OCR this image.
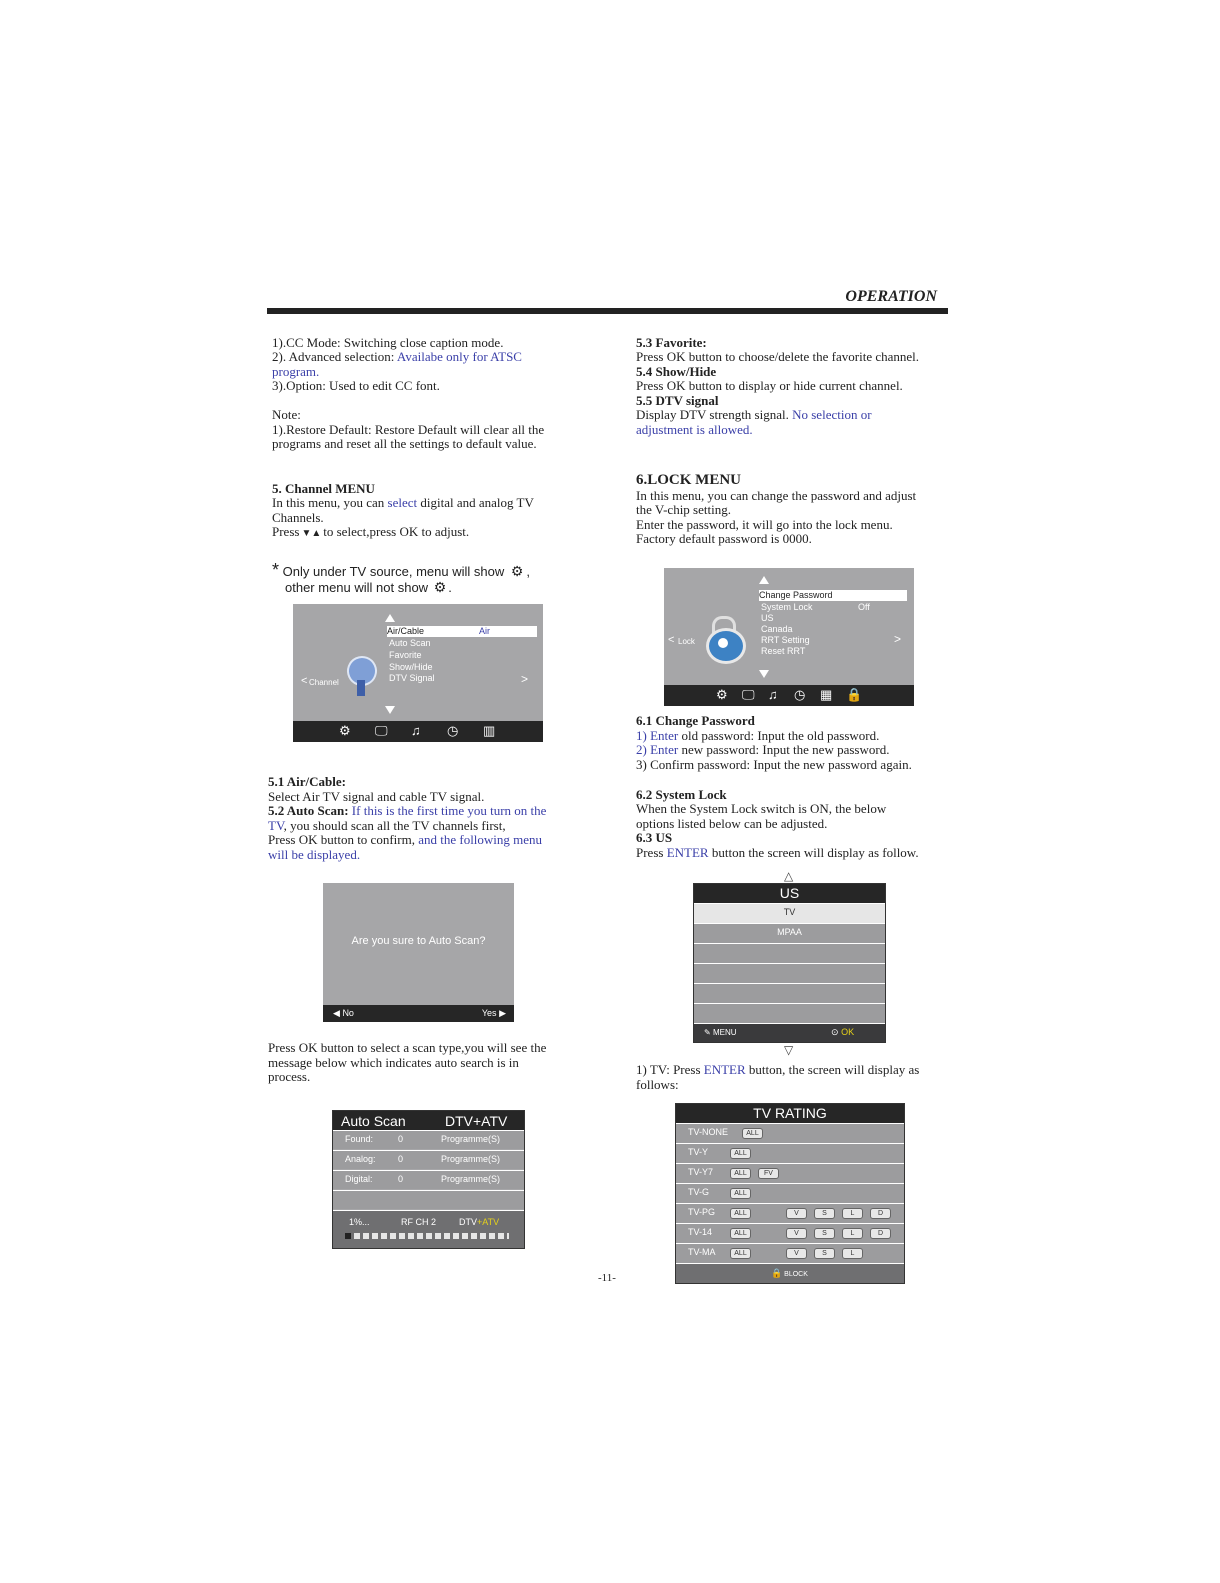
OPERATION
1).CC Mode: Switching close caption mode.
2). Advanced selection: Availabe only for ATSC
program.
3).Option: Used to edit CC font.
Note:
1).Restore Default: Restore Default will clear all the
programs and reset all the settings to default value.
5. Channel MENU
In this menu, you can select digital and analog TV
Channels.
Press ▼▲ to select,press OK to adjust.
* Only under TV source, menu will show ⚙ ,
other menu will not show ⚙ .
< Channel
Air/Cable	Air
Auto Scan
Favorite
Show/Hide
DTV Signal	>
⚙ 🖵 ♫ ◷ ▥
5.1 Air/Cable:
Select Air TV signal and cable TV signal.
5.2 Auto Scan: If this is the first time you turn on the
TV, you should scan all the TV channels first,
Press OK button to confirm, and the following menu
will be displayed.
Are you sure to Auto Scan?
◀ No	Yes ▶
Press OK button to select a scan type,you will see the
message below which indicates auto search is in
process.
Auto Scan	DTV+ATV
Found:	0	Programme(S)
Analog: 0	Programme(S)
Digital:	0	Programme(S)
1%...	RF CH 2	DTV+ATV
5.3 Favorite:
Press OK button to choose/delete the favorite channel.
5.4 Show/Hide
Press OK button to display or hide current channel.
5.5 DTV signal
Display DTV strength signal. No selection or
adjustment is allowed.
6.LOCK MENU
In this menu, you can change the password and adjust
the V-chip setting.
Enter the password, it will go into the lock menu.
Factory default password is 0000.
< Lock
Change Password
System Lock	Off
US
Canada
RRT Setting
Reset RRT
>
⚙ 🖵 ♫ ◷ ▦ 🔒
6.1 Change Password
1) Enter old password: Input the old password.
2) Enter new password: Input the new password.
3) Confirm password: Input the new password again.
6.2 System Lock
When the System Lock switch is ON, the below
options listed below can be adjusted.
6.3 US
Press ENTER button the screen will display as follow.
△
US
TV
MPAA
✎ MENU	⊙ OK
▽
1) TV: Press ENTER button, the screen will display as
follows:
TV RATING
TV-NONE	ALL
TV-Y	ALL
TV-Y7	ALL	FV
TV-G	ALL
TV-PG	ALL	V	S	L	D
TV-14	ALL	V	S	L	D
TV-MA	ALL	V	S	L
🔒 BLOCK
-11-
